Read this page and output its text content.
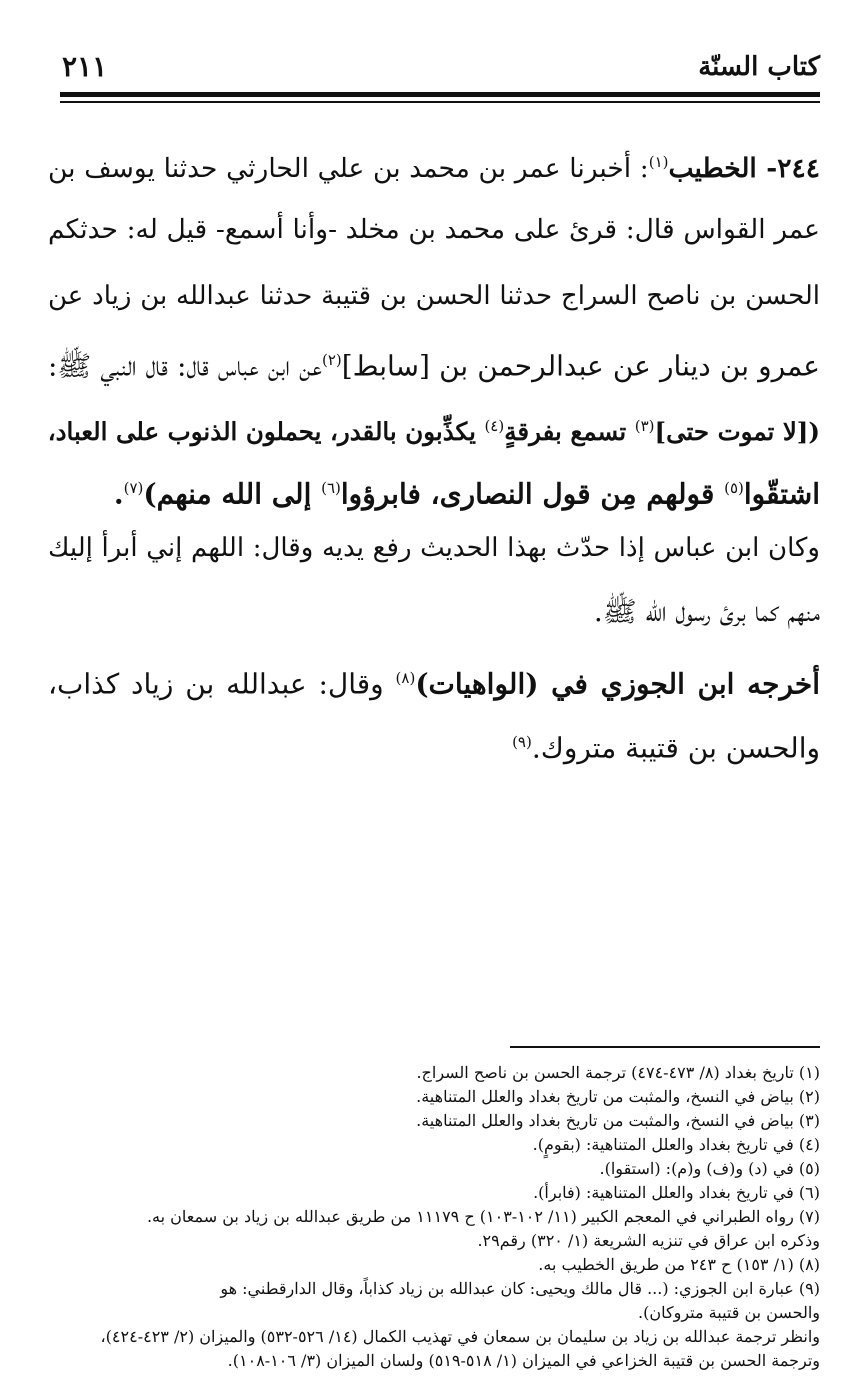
٢١١	كتاب السنّة
٢٤٤- الخطيب$^{(١)}$: أخبرنا عمر بن محمد بن علي الحارثي حدثنا يوسف بن
عمر القواس قال: قرئ على محمد بن مخلد -وأنا أسمع- قيل له: حدثكم
الحسن بن ناصح السراج حدثنا الحسن بن قتيبة حدثنا عبدالله بن زياد عن
عمرو بن دينار عن عبدالرحمن بن [سابط]$^{(٢)}$عن ابن عباس قال: قال النبي ﷺ:
([لا تموت حتى]$^{(٣)}$ تسمع بفرقةٍ$^{(٤)}$ يكذِّبون بالقدر، يحملون الذنوب على العباد،
اشتقّوا$^{(٥)}$ قولهم مِن قول النصارى، فابرؤوا$^{(٦)}$ إلى الله منهم)$^{(٧)}$.
وكان ابن عباس إذا حدّث بهذا الحديث رفع يديه وقال: اللهم إني أبرأ إليك
منهم كما برئ رسول الله ﷺ.
أخرجه ابن الجوزي في (الواهيات)$^{(٨)}$ وقال: عبدالله بن زياد كذاب،
والحسن بن قتيبة متروك.$^{(٩)}$
(١) تاريخ بغداد (٨/ ٤٧٣-٤٧٤) ترجمة الحسن بن ناصح السراج.
(٢) بياض في النسخ، والمثبت من تاريخ بغداد والعلل المتناهية.
(٣) بياض في النسخ، والمثبت من تاريخ بغداد والعلل المتناهية.
(٤) في تاريخ بغداد والعلل المتناهية: (بقومٍ).
(٥) في (د) و(ف) و(م): (استقوا).
(٦) في تاريخ بغداد والعلل المتناهية: (فابرأ).
(٧) رواه الطبراني في المعجم الكبير (١١/ ١٠٢-١٠٣) ح ١١١٧٩ من طريق عبدالله بن زياد بن سمعان به.
وذكره ابن عراق في تنزيه الشريعة (١/ ٣٢٠) رقم٢٩.
(٨) (١/ ١٥٣) ح ٢٤٣ من طريق الخطيب به.
(٩) عبارة ابن الجوزي: (... قال مالك ويحيى: كان عبدالله بن زياد كذاباً، وقال الدارقطني: هو
والحسن بن قتيبة متروكان).
وانظر ترجمة عبدالله بن زياد بن سليمان بن سمعان في تهذيب الكمال (١٤/ ٥٢٦-٥٣٢) والميزان (٢/ ٤٢٣-٤٢٤)،
وترجمة الحسن بن قتيبة الخزاعي في الميزان (١/ ٥١٨-٥١٩) ولسان الميزان (٣/ ١٠٦-١٠٨).
